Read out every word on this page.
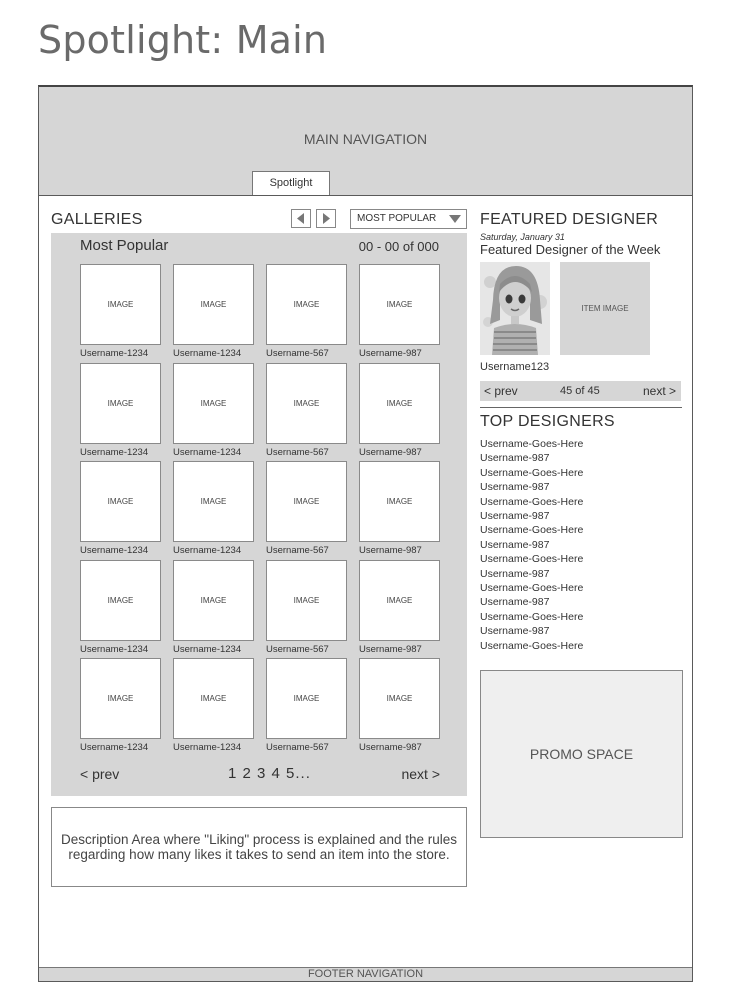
Spotlight: Main
MAIN NAVIGATION
Spotlight
GALLERIES	MOST POPULAR
Most Popular	00 - 00 of 000
IMAGE
Username-1234
IMAGE
Username-1234
IMAGE
Username-567
IMAGE
Username-987
IMAGE
Username-1234
IMAGE
Username-1234
IMAGE
Username-567
IMAGE
Username-987
IMAGE
Username-1234
IMAGE
Username-1234
IMAGE
Username-567
IMAGE
Username-987
IMAGE
Username-1234
IMAGE
Username-1234
IMAGE
Username-567
IMAGE
Username-987
IMAGE
Username-1234
IMAGE
Username-1234
IMAGE
Username-567
IMAGE
Username-987
< prev	1 2 3 4 5...	next >
Description Area where "Liking" process is explained and the rules regarding how many likes it takes to send an item into the store.
FEATURED DESIGNER
Saturday, January 31
Featured Designer of the Week
ITEM IMAGE
Username123
< prev	45 of 45	next >
TOP DESIGNERS
Username-Goes-Here
Username-987
Username-Goes-Here
Username-987
Username-Goes-Here
Username-987
Username-Goes-Here
Username-987
Username-Goes-Here
Username-987
Username-Goes-Here
Username-987
Username-Goes-Here
Username-987
Username-Goes-Here
PROMO SPACE
FOOTER NAVIGATION
